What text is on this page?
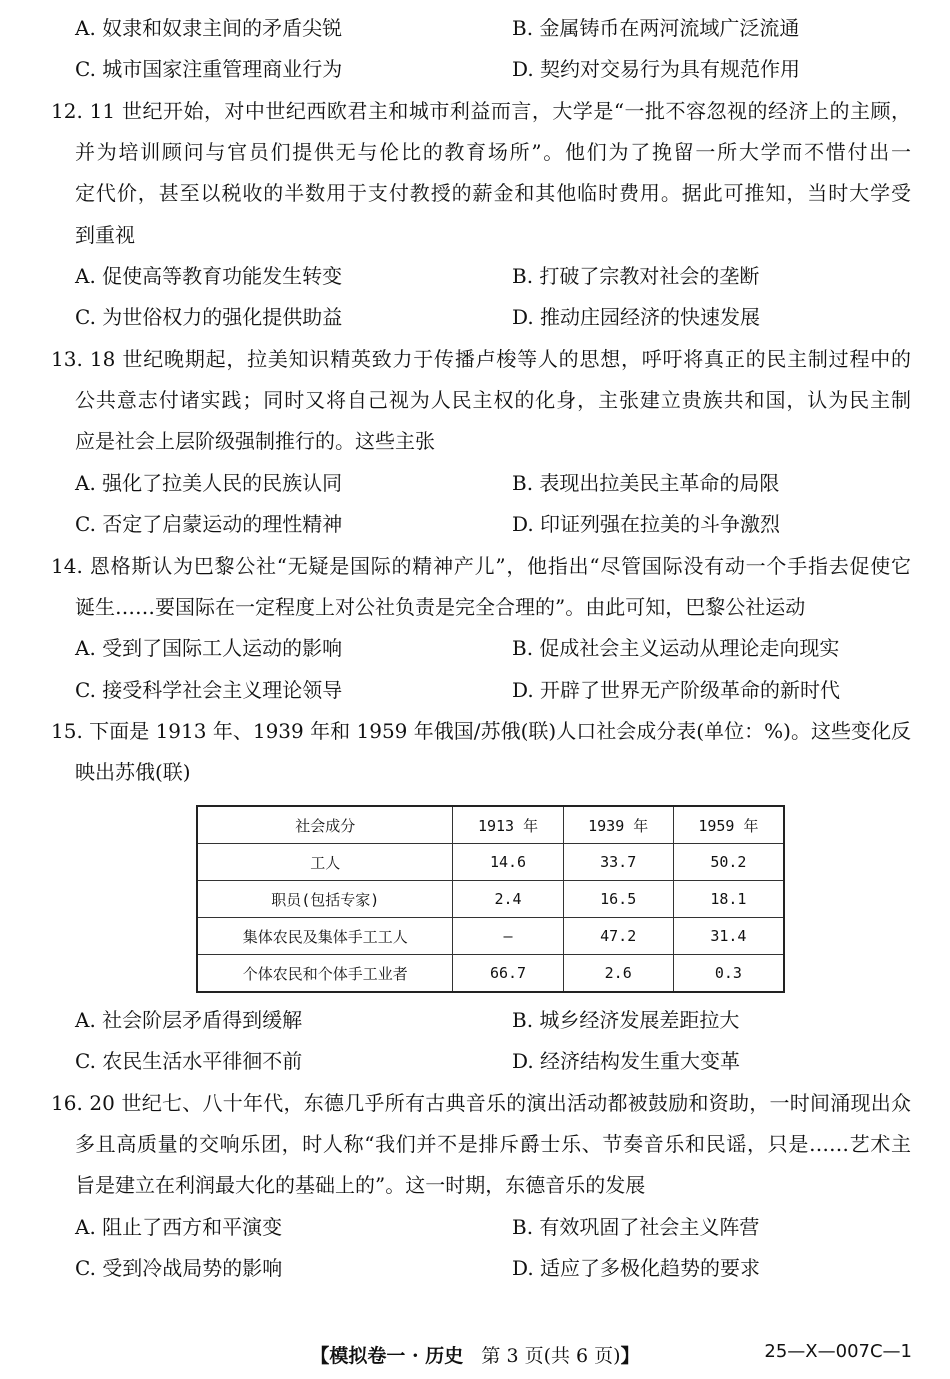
A. 奴隶和奴隶主间的矛盾尖锐	B. 金属铸币在两河流域广泛流通
C. 城市国家注重管理商业行为	D. 契约对交易行为具有规范作用
12. 11 世纪开始，对中世纪西欧君主和城市利益而言，大学是“一批不容忽视的经济上的主顾，
并为培训顾问与官员们提供无与伦比的教育场所”。他们为了挽留一所大学而不惜付出一
定代价，甚至以税收的半数用于支付教授的薪金和其他临时费用。据此可推知，当时大学受
到重视
A. 促使高等教育功能发生转变	B. 打破了宗教对社会的垄断
C. 为世俗权力的强化提供助益	D. 推动庄园经济的快速发展
13. 18 世纪晚期起，拉美知识精英致力于传播卢梭等人的思想，呼吁将真正的民主制过程中的
公共意志付诸实践；同时又将自己视为人民主权的化身，主张建立贵族共和国，认为民主制
应是社会上层阶级强制推行的。这些主张
A. 强化了拉美人民的民族认同	B. 表现出拉美民主革命的局限
C. 否定了启蒙运动的理性精神	D. 印证列强在拉美的斗争激烈
14. 恩格斯认为巴黎公社“无疑是国际的精神产儿”，他指出“尽管国际没有动一个手指去促使它
诞生……要国际在一定程度上对公社负责是完全合理的”。由此可知，巴黎公社运动
A. 受到了国际工人运动的影响	B. 促成社会主义运动从理论走向现实
C. 接受科学社会主义理论领导	D. 开辟了世界无产阶级革命的新时代
15. 下面是 1913 年、1939 年和 1959 年俄国/苏俄(联)人口社会成分表(单位：%)。这些变化反
映出苏俄(联)
社会成分	1913 年	1939 年	1959 年
工人	14.6	33.7	50.2
职员(包括专家)	2.4	16.5	18.1
集体农民及集体手工工人	—	47.2	31.4
个体农民和个体手工业者	66.7	2.6	0.3
A. 社会阶层矛盾得到缓解	B. 城乡经济发展差距拉大
C. 农民生活水平徘徊不前	D. 经济结构发生重大变革
16. 20 世纪七、八十年代，东德几乎所有古典音乐的演出活动都被鼓励和资助，一时间涌现出众
多且高质量的交响乐团，时人称“我们并不是排斥爵士乐、节奏音乐和民谣，只是……艺术主
旨是建立在利润最大化的基础上的”。这一时期，东德音乐的发展
A. 阻止了西方和平演变	B. 有效巩固了社会主义阵营
C. 受到冷战局势的影响	D. 适应了多极化趋势的要求
【模拟卷一 · 历史 第 3 页(共 6 页)】	25—X—007C—1
